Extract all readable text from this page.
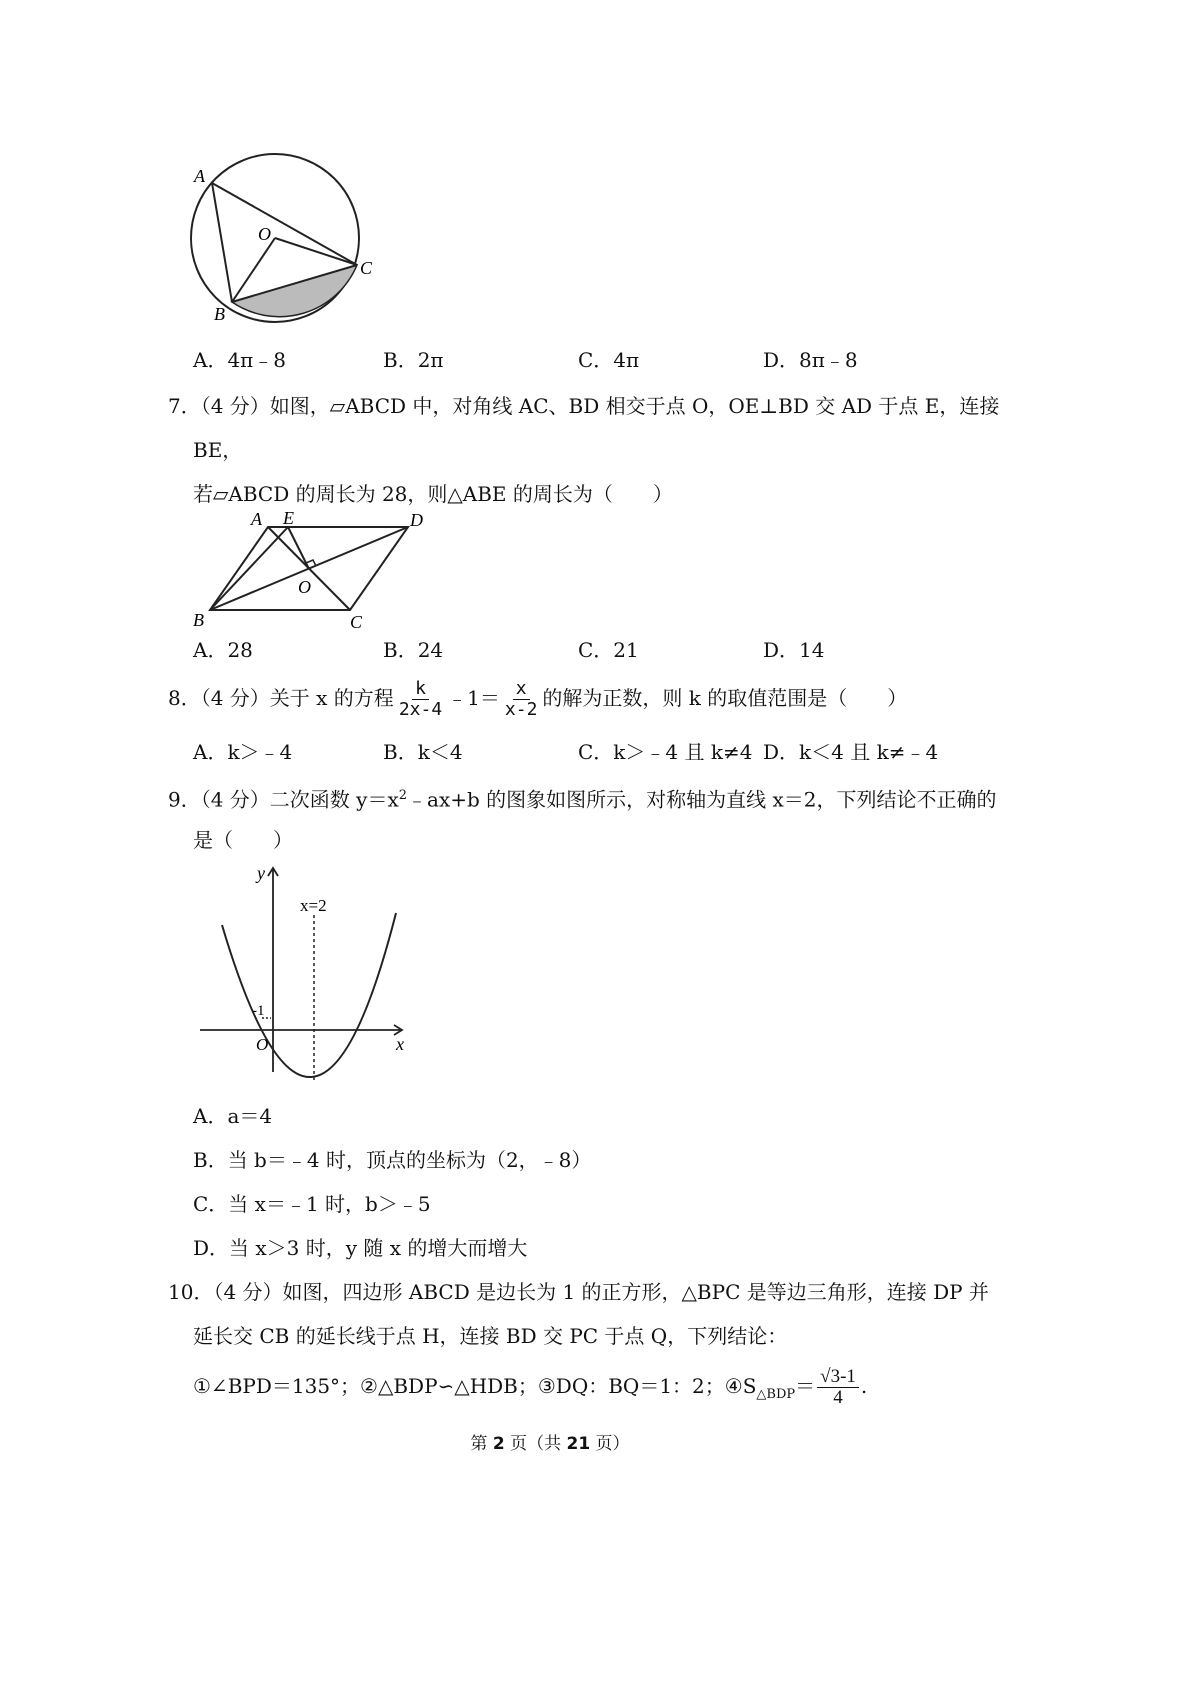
A
O
C
B
A．4π﹣8	B．2π	C．4π	D．8π﹣8
7．（4 分）如图，▱ABCD 中，对角线 AC、BD 相交于点 O，OE⊥BD 交 AD 于点 E，连接
BE，
若▱ABCD 的周长为 28，则△ABE 的周长为（　　）
A E	D
O
B	C
A．28	B．24	C．21	D．14
8．（4 分）关于 x 的方程 $\frac{k}{2x-4}$ ﹣1＝ $\frac{x}{x-2}$ 的解为正数，则 k 的取值范围是（　　）
A．k＞﹣4	B．k＜4	C．k＞﹣4 且 k≠4 D．k＜4 且 k≠﹣4
9．（4 分）二次函数 $y=x^2﹣ax+b$ 的图象如图所示，对称轴为直线 x＝2，下列结论不正确的
是（　　）
y
x=2
-1
O	x
A．a＝4
B．当 b＝﹣4 时，顶点的坐标为（2，﹣8）
C．当 x＝﹣1 时，b＞﹣5
D．当 x＞3 时，y 随 x 的增大而增大
10．（4 分）如图，四边形 ABCD 是边长为 1 的正方形，△BPC 是等边三角形，连接 DP 并
延长交 CB 的延长线于点 H，连接 BD 交 PC 于点 Q，下列结论：
①∠BPD＝135°；②△BDP∽△HDB；③DQ：BQ＝1：2；$④S_{\triangle BDP}= \frac{√3-1}{4}$ .
第 2 页（共 21 页）
